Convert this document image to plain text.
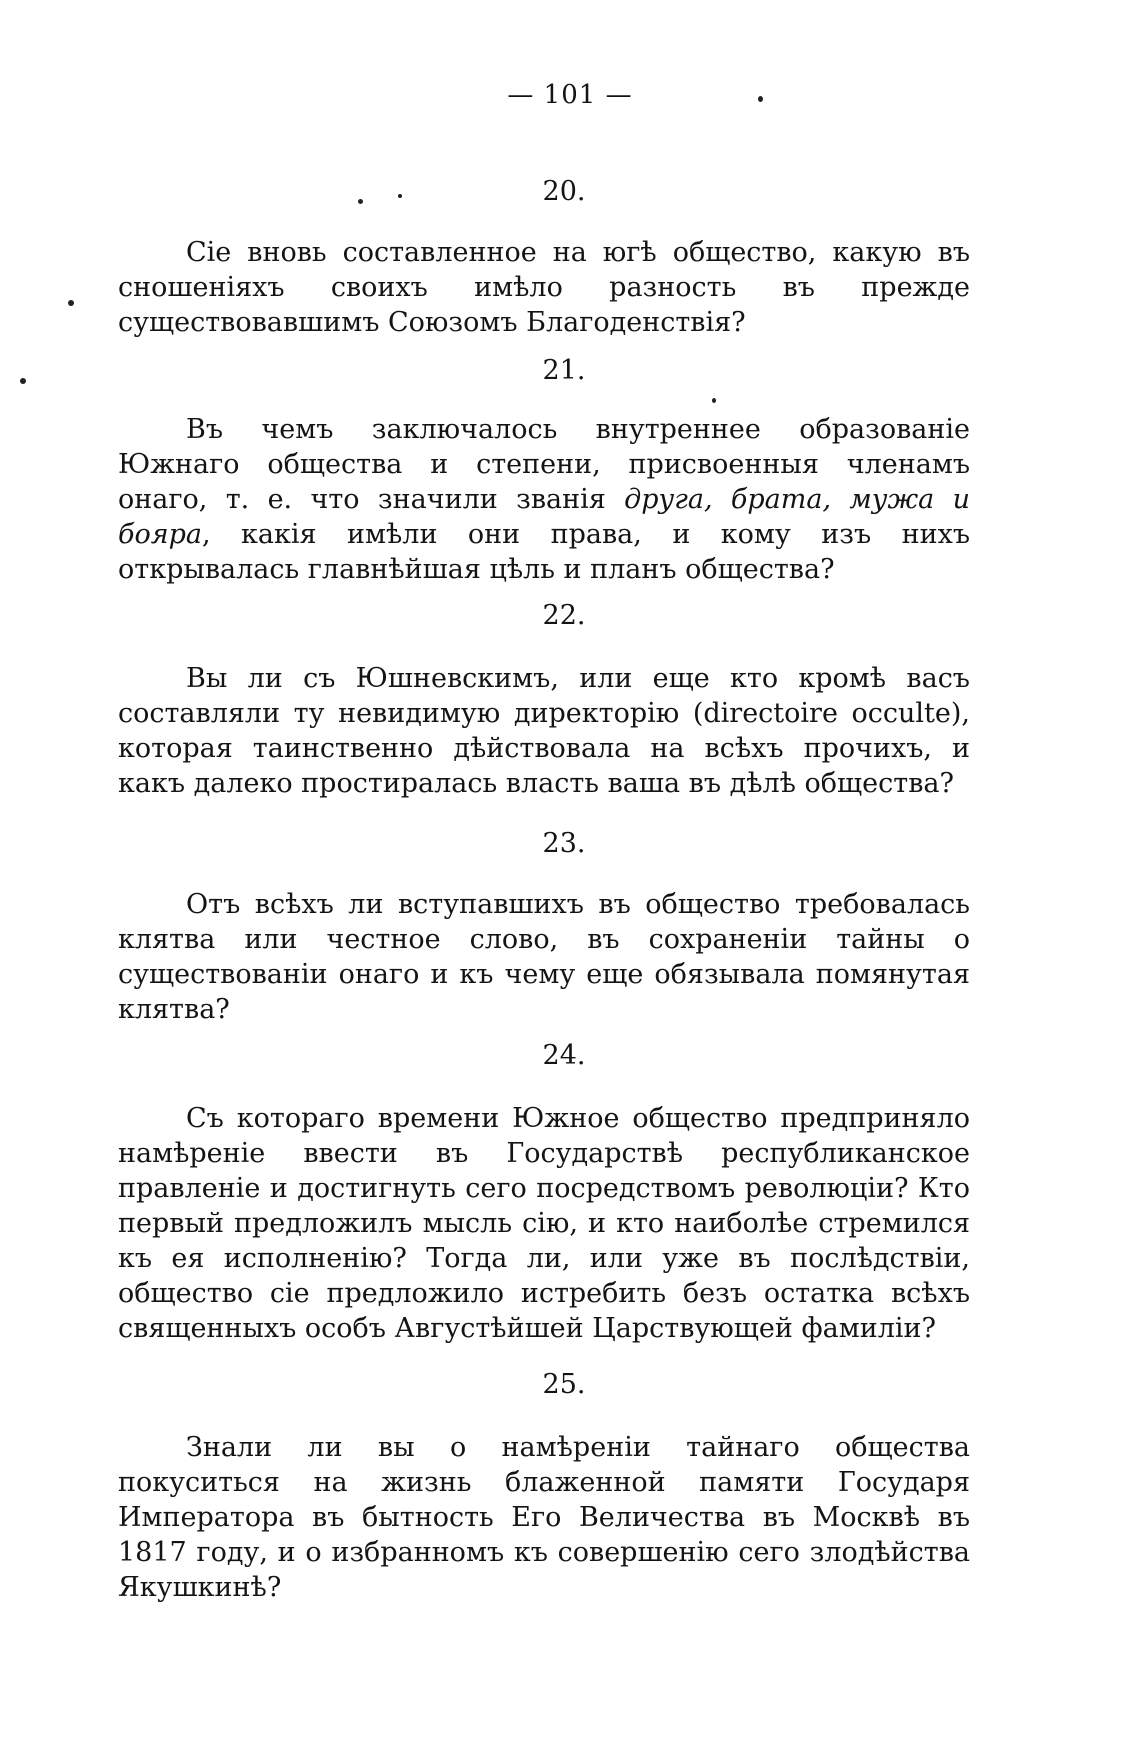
— 101 —

20.

Сіе вновь составленное на югѣ общество, какую въ сношеніяхъ своихъ имѣло разность въ прежде существовавшимъ Союзомъ Благоденствія?

21.

Въ чемъ заключалось внутреннее образованіе Южнаго общества и степени, присвоенныя членамъ онаго, т. е. что значили званія друга, брата, мужа и бояра, какія имѣли они права, и кому изъ нихъ открывалась главнѣйшая цѣль и планъ общества?

22.

Вы ли съ Юшневскимъ, или еще кто кромѣ васъ составляли ту невидимую директорію (directoire occulte), которая таинственно дѣйствовала на всѣхъ прочихъ, и какъ далеко простиралась власть ваша въ дѣлѣ общества?

23.

Отъ всѣхъ ли вступавшихъ въ общество требовалась клятва или честное слово, въ сохраненіи тайны о существованіи онаго и къ чему еще обязывала помянутая клятва?

24.

Съ котораго времени Южное общество предприняло намѣреніе ввести въ Государствѣ республиканское правленіе и достигнуть сего посредствомъ революціи? Кто первый предложилъ мысль сію, и кто наиболѣе стремился къ ея исполненію? Тогда ли, или уже въ послѣдствіи, общество сіе предложило истребить безъ остатка всѣхъ священныхъ особъ Августѣйшей Царствующей фамиліи?

25.

Знали ли вы о намѣреніи тайнаго общества покуситься на жизнь блаженной памяти Государя Императора въ бытность Его Величества въ Москвѣ въ 1817 году, и о избранномъ къ совершенію сего злодѣйства Якушкинѣ?
